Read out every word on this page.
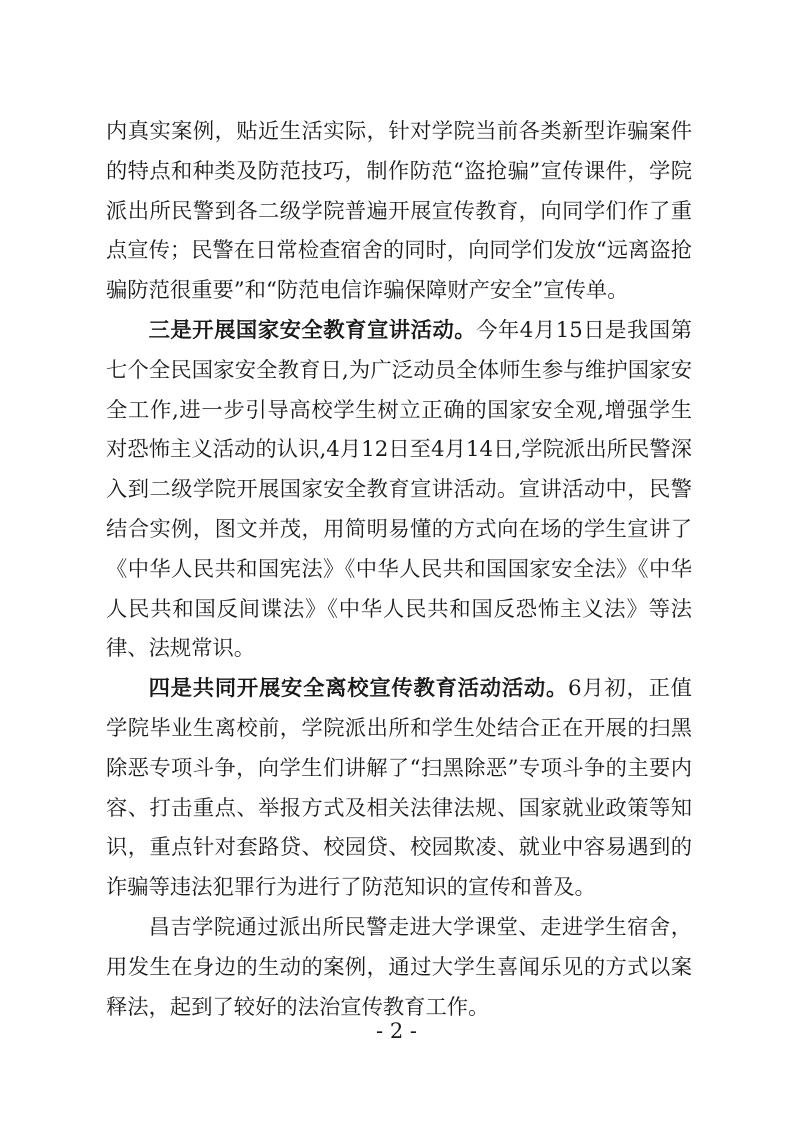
内真实案例，贴近生活实际，针对学院当前各类新型诈骗案件的特点和种类及防范技巧，制作防范“盗抢骗”宣传课件，学院派出所民警到各二级学院普遍开展宣传教育，向同学们作了重点宣传；民警在日常检查宿舍的同时，向同学们发放“远离盗抢骗防范很重要”和“防范电信诈骗保障财产安全”宣传单。

三是开展国家安全教育宣讲活动。今年4月15日是我国第七个全民国家安全教育日,为广泛动员全体师生参与维护国家安全工作,进一步引导高校学生树立正确的国家安全观,增强学生对恐怖主义活动的认识,4月12日至4月14日,学院派出所民警深入到二级学院开展国家安全教育宣讲活动。宣讲活动中，民警结合实例，图文并茂，用简明易懂的方式向在场的学生宣讲了《中华人民共和国宪法》《中华人民共和国国家安全法》《中华人民共和国反间谍法》《中华人民共和国反恐怖主义法》等法律、法规常识。

四是共同开展安全离校宣传教育活动活动。6月初，正值学院毕业生离校前，学院派出所和学生处结合正在开展的扫黑除恶专项斗争，向学生们讲解了“扫黑除恶”专项斗争的主要内容、打击重点、举报方式及相关法律法规、国家就业政策等知识，重点针对套路贷、校园贷、校园欺凌、就业中容易遇到的诈骗等违法犯罪行为进行了防范知识的宣传和普及。

昌吉学院通过派出所民警走进大学课堂、走进学生宿舍，用发生在身边的生动的案例，通过大学生喜闻乐见的方式以案释法，起到了较好的法治宣传教育工作。

- 2 -
